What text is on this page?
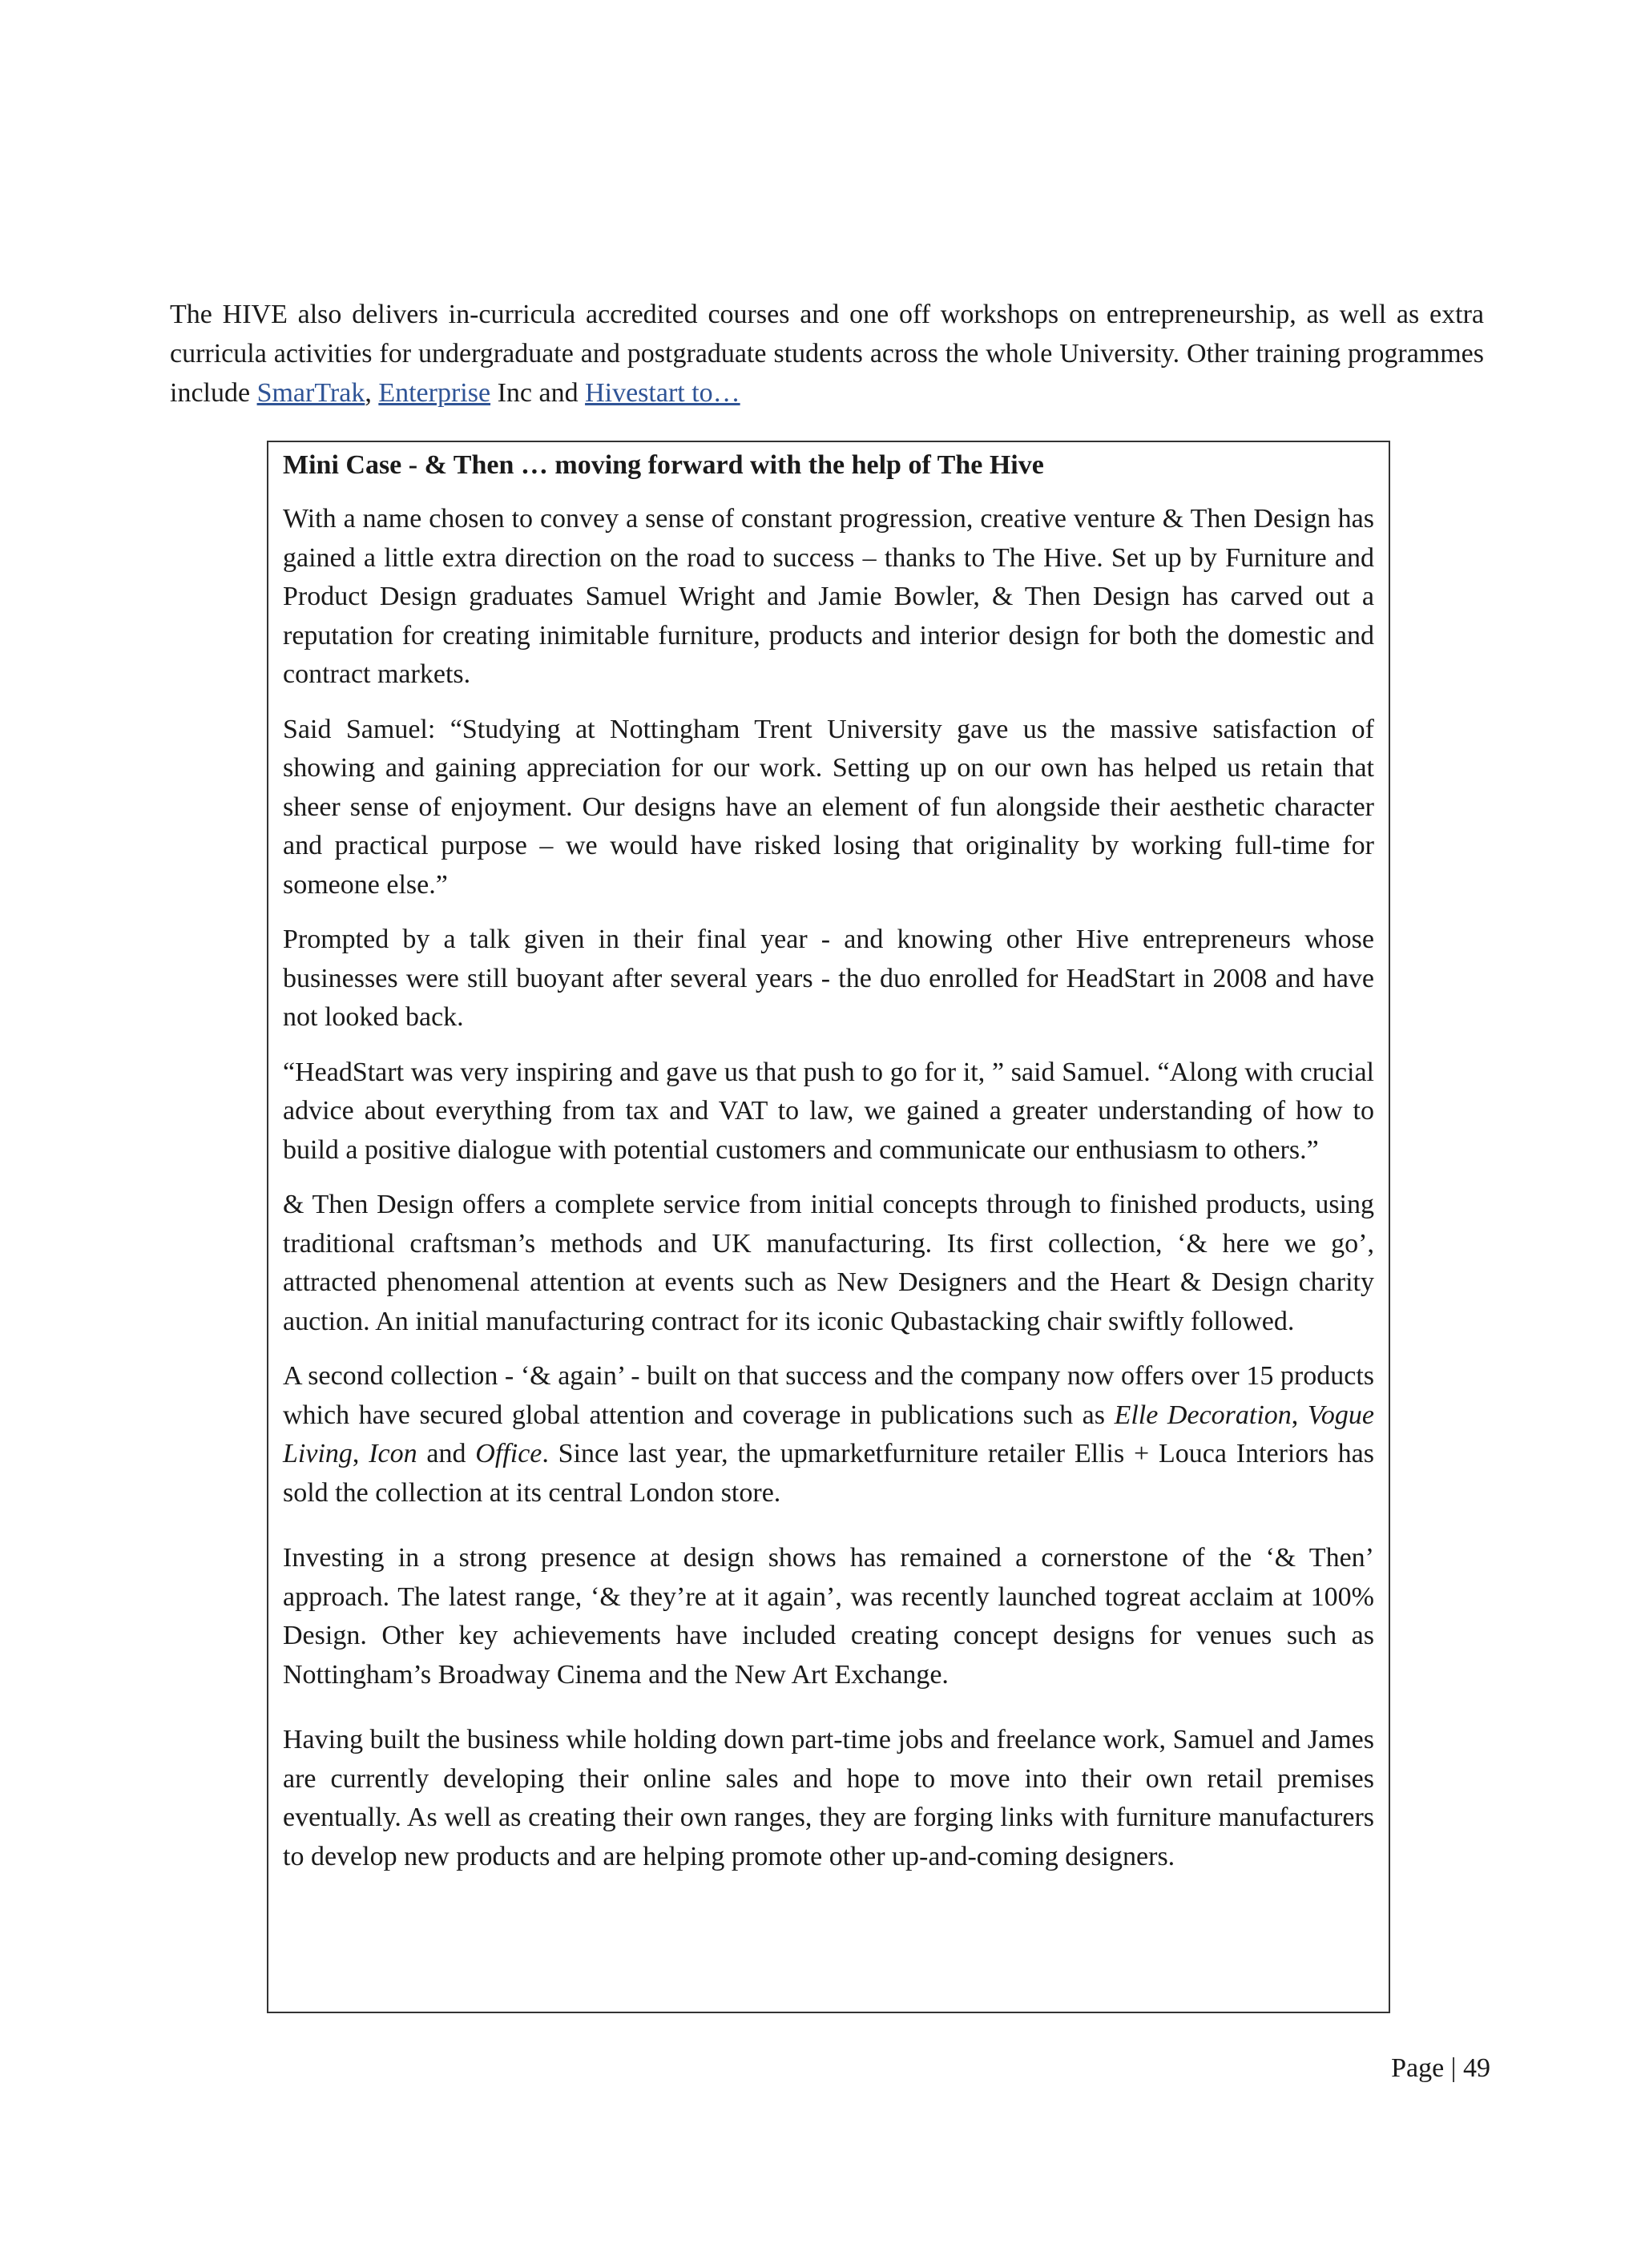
The HIVE also delivers in-curricula accredited courses and one off workshops on entrepreneurship, as well as extra curricula activities for undergraduate and postgraduate students across the whole University. Other training programmes include SmarTrak, Enterprise Inc and Hivestart to…

Mini Case - & Then … moving forward with the help of The Hive

With a name chosen to convey a sense of constant progression, creative venture & Then Design has gained a little extra direction on the road to success – thanks to The Hive. Set up by Furniture and Product Design graduates Samuel Wright and Jamie Bowler, & Then Design has carved out a reputation for creating inimitable furniture, products and interior design for both the domestic and contract markets.

Said Samuel: “Studying at Nottingham Trent University gave us the massive satisfaction of showing and gaining appreciation for our work. Setting up on our own has helped us retain that sheer sense of enjoyment. Our designs have an element of fun alongside their aesthetic character and practical purpose – we would have risked losing that originality by working full-time for someone else.”

Prompted by a talk given in their final year - and knowing other Hive entrepreneurs whose businesses were still buoyant after several years - the duo enrolled for HeadStart in 2008 and have not looked back.

“HeadStart was very inspiring and gave us that push to go for it, ” said Samuel. “Along with crucial advice about everything from tax and VAT to law, we gained a greater understanding of how to build a positive dialogue with potential customers and communicate our enthusiasm to others.”

& Then Design offers a complete service from initial concepts through to finished products, using traditional craftsman’s methods and UK manufacturing. Its first collection, ‘& here we go’, attracted phenomenal attention at events such as New Designers and the Heart & Design charity auction. An initial manufacturing contract for its iconic Qubastacking chair swiftly followed.

A second collection - ‘& again’ - built on that success and the company now offers over 15 products which have secured global attention and coverage in publications such as Elle Decoration, Vogue Living, Icon and Office. Since last year, the upmarketfurniture retailer Ellis + Louca Interiors has sold the collection at its central London store.

Investing in a strong presence at design shows has remained a cornerstone of the ‘& Then’ approach. The latest range, ‘& they’re at it again’, was recently launched togreat acclaim at 100% Design. Other key achievements have included creating concept designs for venues such as Nottingham’s Broadway Cinema and the New Art Exchange.

Having built the business while holding down part-time jobs and freelance work, Samuel and James are currently developing their online sales and hope to move into their own retail premises eventually. As well as creating their own ranges, they are forging links with furniture manufacturers to develop new products and are helping promote other up-and-coming designers.

Page | 49
